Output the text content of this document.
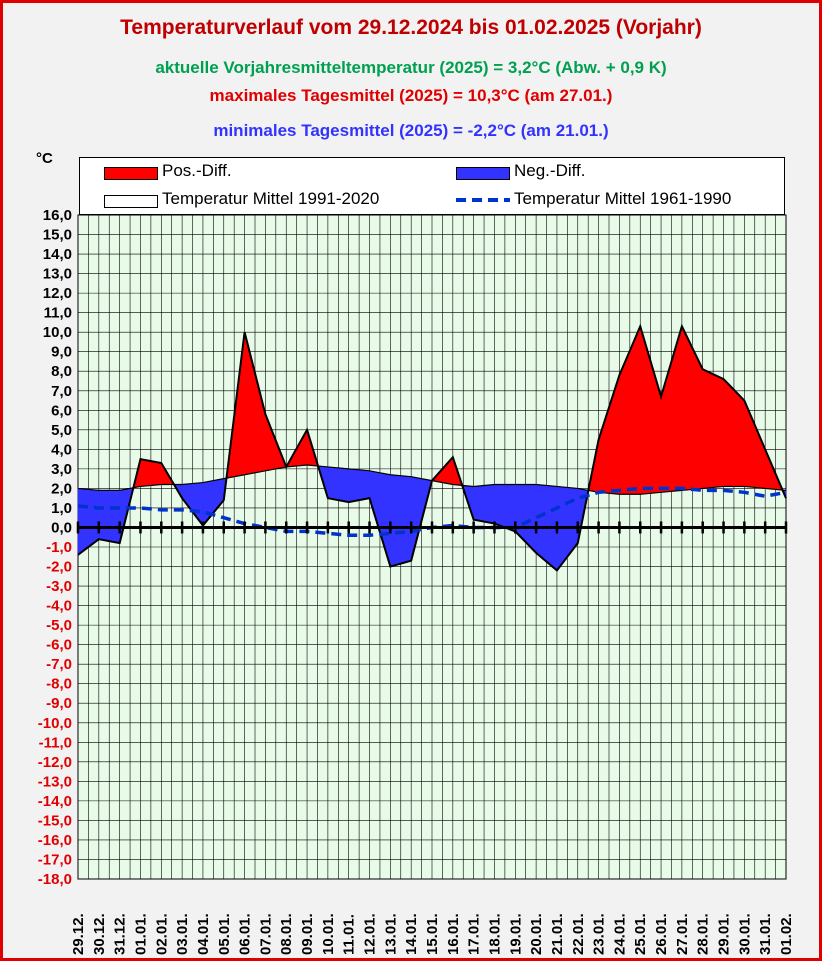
Temperaturverlauf vom 29.12.2024 bis 01.02.2025 (Vorjahr)
aktuelle Vorjahresmitteltemperatur (2025) = 3,2°C (Abw. + 0,9 K)
maximales Tagesmittel (2025) = 10,3°C (am 27.01.)
minimales Tagesmittel (2025) = -2,2°C (am 21.01.)
°C
Pos.-Diff.	Neg.-Diff.
Temperatur Mittel 1991-2020	Temperatur Mittel 1961-1990
16,0
15,0
14,0
13,0
12,0
11,0
10,0
9,0
8,0
7,0
6,0
5,0
4,0
3,0
2,0
1,0
0,0
-1,0
-2,0
-3,0
-4,0
-5,0
-6,0
-7,0
-8,0
-9,0
-10,0
-11,0
-12,0
-13,0
-14,0
-15,0
-16,0
-17,0
-18,0
29.12. 30.12. 31.12. 01.01. 02.01. 03.01. 04.01. 05.01. 06.01. 07.01. 08.01. 09.01. 10.01. 11.01. 12.01. 13.01. 14.01. 15.01. 16.01. 17.01. 18.01. 19.01. 20.01. 21.01. 22.01. 23.01. 24.01. 25.01. 26.01. 27.01. 28.01. 29.01. 30.01. 31.01. 01.02.
